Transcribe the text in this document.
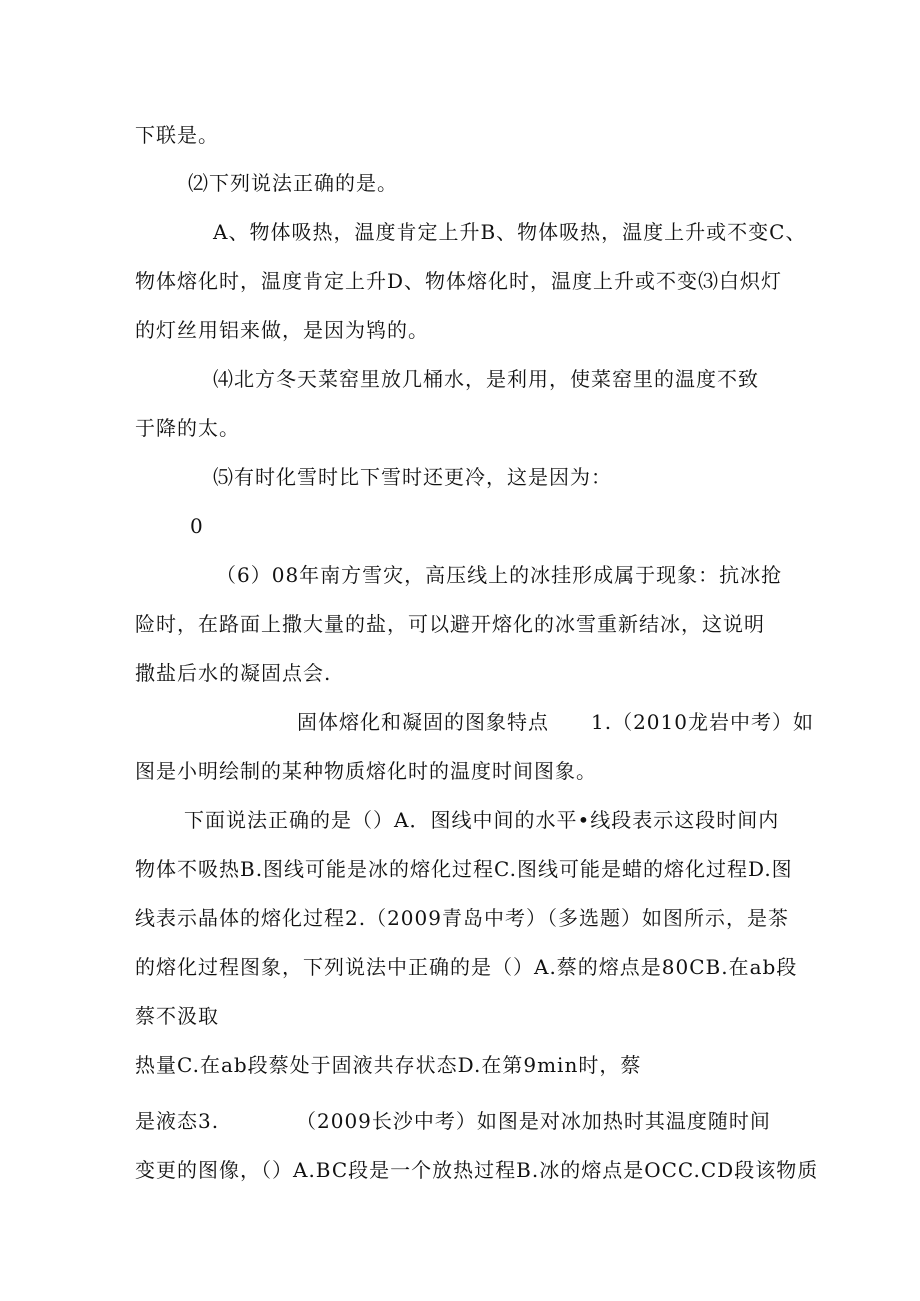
下联是。
⑵下列说法正确的是。
A、物体吸热，温度肯定上升B、物体吸热，温度上升或不变C、
物体熔化时，温度肯定上升D、物体熔化时，温度上升或不变⑶白炽灯
的灯丝用铝来做，是因为鸨的。
⑷北方冬天菜窑里放几桶水，是利用，使菜窑里的温度不致
于降的太。
⑸有时化雪时比下雪时还更冷，这是因为：
0
（6）08年南方雪灾，高压线上的冰挂形成属于现象：抗冰抢
险时，在路面上撒大量的盐，可以避开熔化的冰雪重新结冰，这说明
撒盐后水的凝固点会.
固体熔化和凝固的图象特点　　1.（2010龙岩中考）如
图是小明绘制的某种物质熔化时的温度时间图象。
下面说法正确的是（）A．图线中间的水平•线段表示这段时间内
物体不吸热B.图线可能是冰的熔化过程C.图线可能是蜡的熔化过程D.图
线表示晶体的熔化过程2.（2009青岛中考）（多选题）如图所示，是茶
的熔化过程图象，下列说法中正确的是（）A.蔡的熔点是80CB.在ab段
蔡不汲取
热量C.在ab段蔡处于固液共存状态D.在第9min时，蔡
是液态3.	（2009长沙中考）如图是对冰加热时其温度随时间
变更的图像，（）A.BC段是一个放热过程B.冰的熔点是OCC.CD段该物质
